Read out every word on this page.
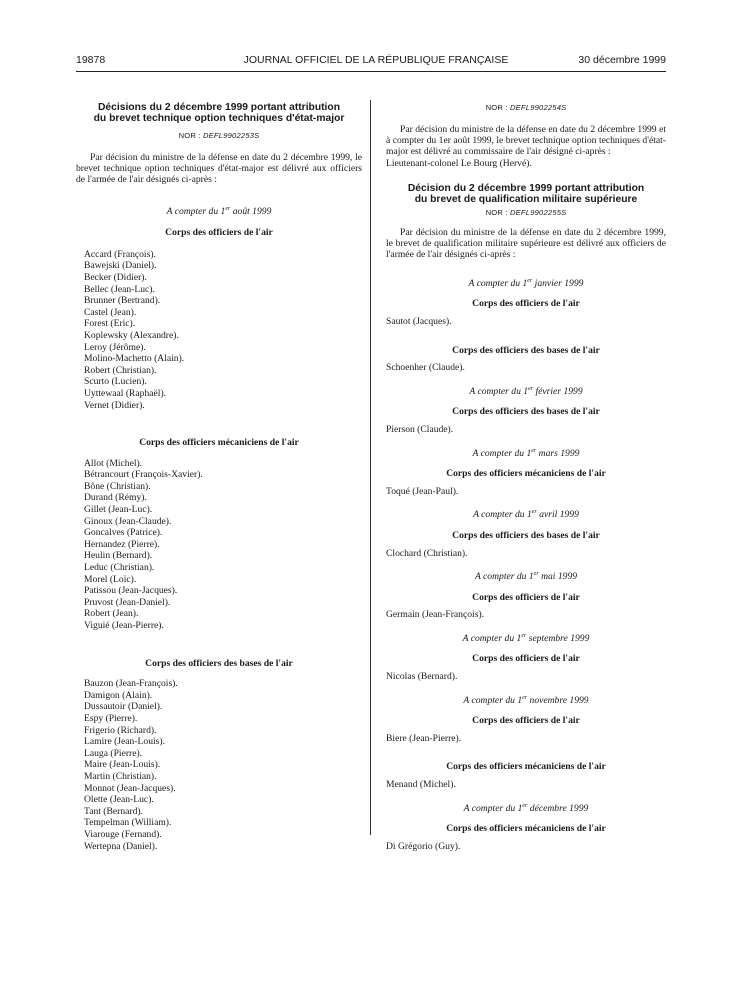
19878	JOURNAL OFFICIEL DE LA RÉPUBLIQUE FRANÇAISE	30 décembre 1999
Décisions du 2 décembre 1999 portant attribution
du brevet technique option techniques d'état-major
NOR : DEFL9902253S
Par décision du ministre de la défense en date du 2 décembre 1999, le brevet technique option techniques d'état-major est délivré aux officiers de l'armée de l'air désignés ci-après :
A compter du 1er août 1999
Corps des officiers de l'air
Accard (François).
Bawejski (Daniel).
Becker (Didier).
Bellec (Jean-Luc).
Brunner (Bertrand).
Castel (Jean).
Forest (Eric).
Koplewsky (Alexandre).
Leroy (Jérôme).
Molino-Machetto (Alain).
Robert (Christian).
Scurto (Lucien).
Uyttewaal (Raphaël).
Vernet (Didier).
Corps des officiers mécaniciens de l'air
Allot (Michel).
Bétrancourt (François-Xavier).
Bône (Christian).
Durand (Rémy).
Gillet (Jean-Luc).
Ginoux (Jean-Claude).
Goncalves (Patrice).
Hernandez (Pierre).
Heulin (Bernard).
Leduc (Christian).
Morel (Loïc).
Patissou (Jean-Jacques).
Pruvost (Jean-Daniel).
Robert (Jean).
Viguié (Jean-Pierre).
Corps des officiers des bases de l'air
Bauzon (Jean-François).
Damigon (Alain).
Dussautoir (Daniel).
Espy (Pierre).
Frigerio (Richard).
Lamire (Jean-Louis).
Lauga (Pierre).
Maire (Jean-Louis).
Martin (Christian).
Monnot (Jean-Jacques).
Olette (Jean-Luc).
Tant (Bernard).
Tempelman (William).
Viarouge (Fernand).
Wertepna (Daniel).
NOR : DEFL9902254S
Par décision du ministre de la défense en date du 2 décembre 1999 et à compter du 1er août 1999, le brevet technique option techniques d'état-major est délivré au commissaire de l'air désigné ci-après :
Lieutenant-colonel Le Bourg (Hervé).
Décision du 2 décembre 1999 portant attribution
du brevet de qualification militaire supérieure
NOR : DEFL9902255S
Par décision du ministre de la défense en date du 2 décembre 1999, le brevet de qualification militaire supérieure est délivré aux officiers de l'armée de l'air désignés ci-après :
A compter du 1er janvier 1999
Corps des officiers de l'air
Sautot (Jacques).
Corps des officiers des bases de l'air
Schoenher (Claude).
A compter du 1er février 1999
Corps des officiers des bases de l'air
Pierson (Claude).
A compter du 1er mars 1999
Corps des officiers mécaniciens de l'air
Toqué (Jean-Paul).
A compter du 1er avril 1999
Corps des officiers des bases de l'air
Clochard (Christian).
A compter du 1er mai 1999
Corps des officiers de l'air
Germain (Jean-François).
A compter du 1er septembre 1999
Corps des officiers de l'air
Nicolas (Bernard).
A compter du 1er novembre 1999
Corps des officiers de l'air
Biere (Jean-Pierre).
Corps des officiers mécaniciens de l'air
Menand (Michel).
A compter du 1er décembre 1999
Corps des officiers mécaniciens de l'air
Di Grégorio (Guy).
